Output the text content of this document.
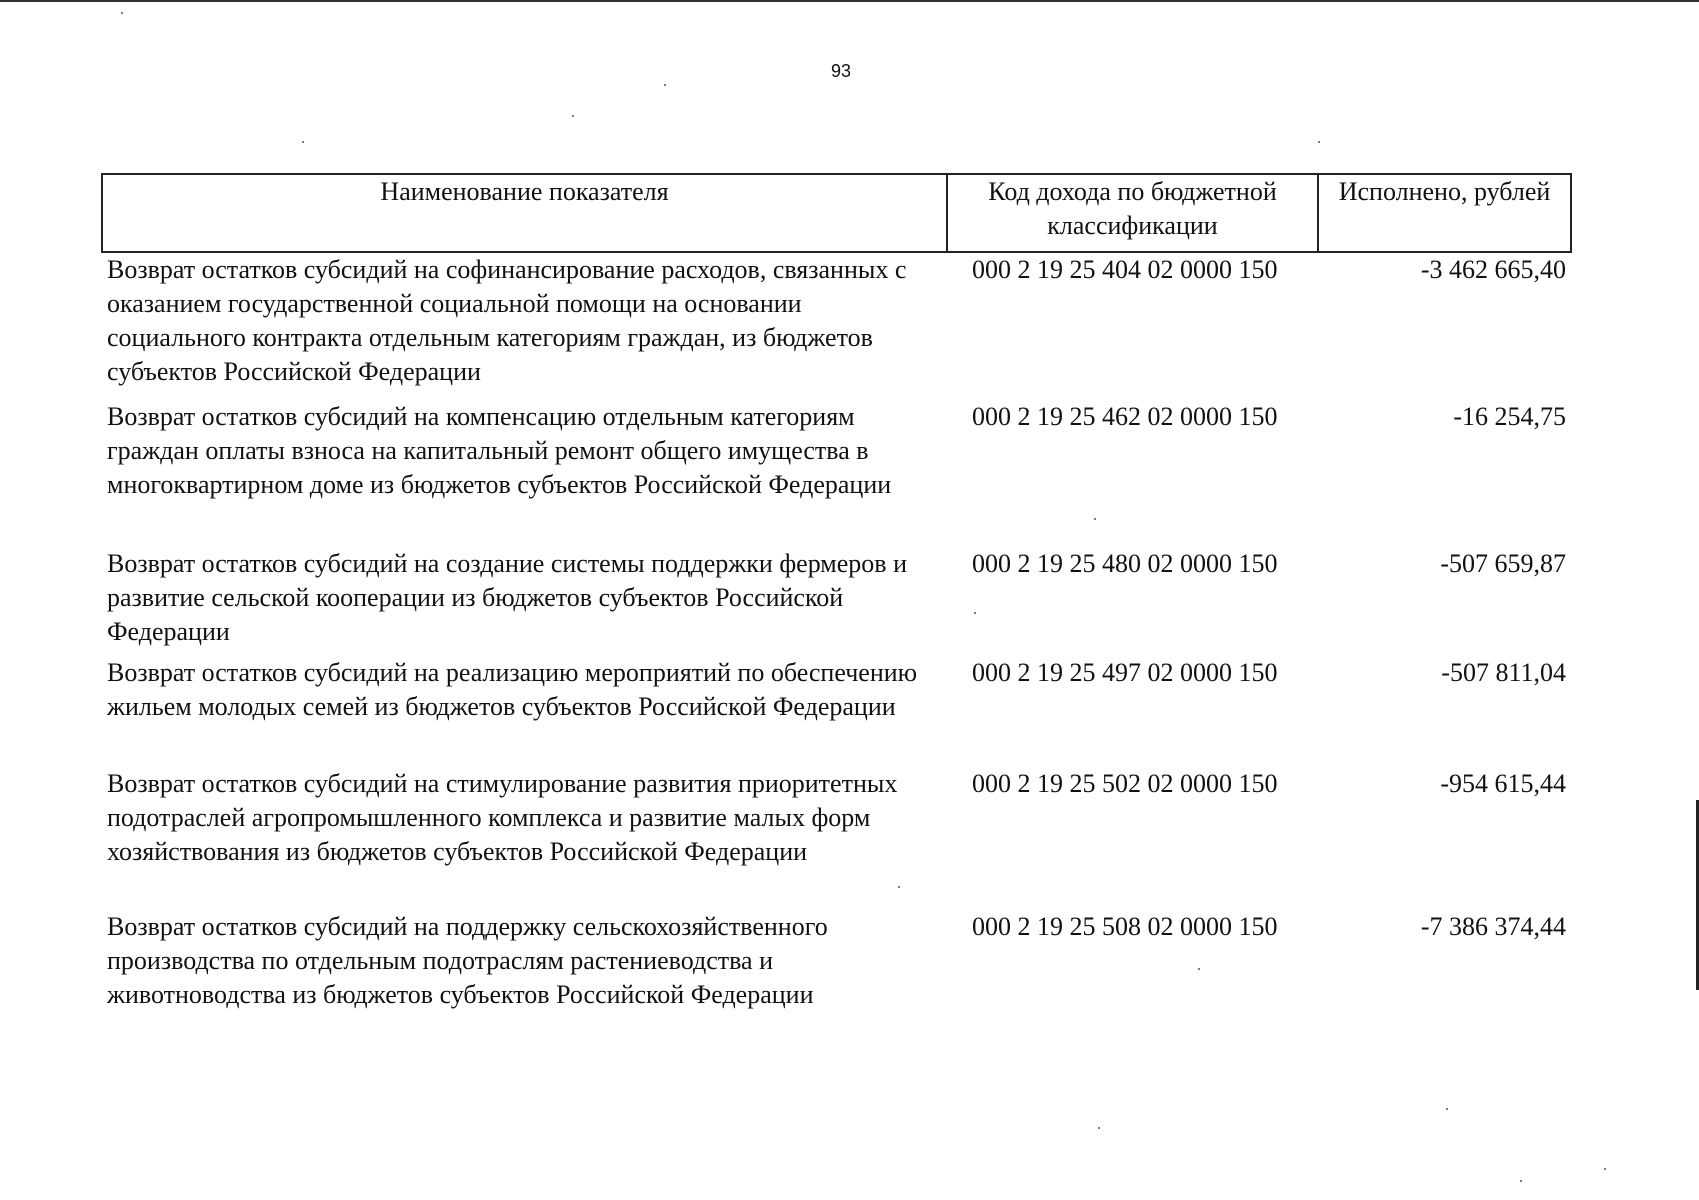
93
Наименование показателя	Код дохода по бюджетной классификации	Исполнено, рублей
Возврат остатков субсидий на софинансирование расходов, связанных с оказанием государственной социальной помощи на основании социального контракта отдельным категориям граждан, из бюджетов субъектов Российской Федерации	000 2 19 25 404 02 0000 150	-3 462 665,40
Возврат остатков субсидий на компенсацию отдельным категориям граждан оплаты взноса на капитальный ремонт общего имущества в многоквартирном доме из бюджетов субъектов Российской Федерации	000 2 19 25 462 02 0000 150	-16 254,75
Возврат остатков субсидий на создание системы поддержки фермеров и развитие сельской кооперации из бюджетов субъектов Российской Федерации	000 2 19 25 480 02 0000 150	-507 659,87
Возврат остатков субсидий на реализацию мероприятий по обеспечению жильем молодых семей из бюджетов субъектов Российской Федерации	000 2 19 25 497 02 0000 150	-507 811,04
Возврат остатков субсидий на стимулирование развития приоритетных подотраслей агропромышленного комплекса и развитие малых форм хозяйствования из бюджетов субъектов Российской Федерации	000 2 19 25 502 02 0000 150	-954 615,44
Возврат остатков субсидий на поддержку сельскохозяйственного производства по отдельным подотраслям растениеводства и животноводства из бюджетов субъектов Российской Федерации	000 2 19 25 508 02 0000 150	-7 386 374,44
